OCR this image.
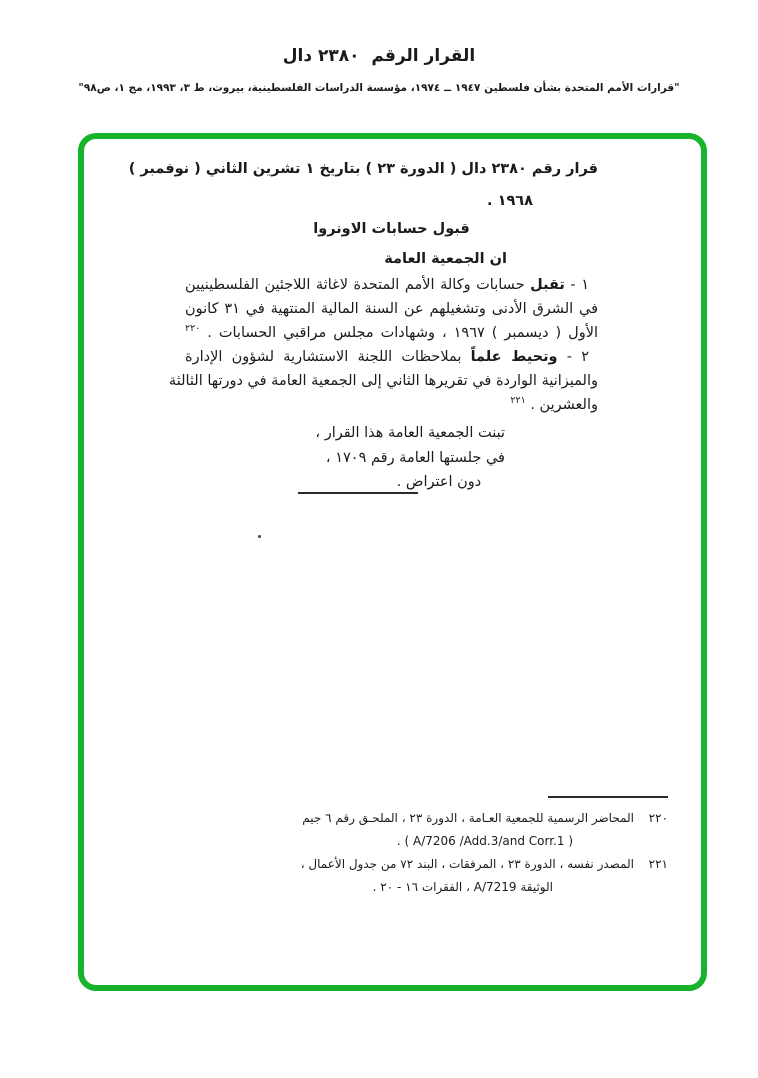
القرار الرقم  ٢٣٨٠ دال
"قرارات الأمم المتحدة بشأن فلسطين ١٩٤٧ ــ ١٩٧٤، مؤسسة الدراسات الفلسطينية، بيروت، ط ٣، ١٩٩٣، مج ١، ص٩٨"
قرار رقم ٢٣٨٠ دال ( الدورة ٢٣ ) بتاريخ ١ تشرين الثاني ( نوفمبر )
١٩٦٨ .
قبول حسابات الاونروا
ان الجمعية العامة
١ - تقبل حسابات وكالة الأمم المتحدة لاغاثة اللاجئين الفلسطينيين
في الشرق الأدنى وتشغيلهم عن السنة المالية المنتهية في ٣١ كانون
الأول ( ديسمبر ) ١٩٦٧ ، وشهادات مجلس مراقبي الحسابات . $^{٢٢٠}$
٢ - وتحيط علماً بملاحظات اللجنة الاستشارية لشؤون الإدارة
والميزانية الواردة في تقريرها الثاني إلى الجمعية العامة في دورتها الثالثة
والعشرين . $^{٢٢١}$
تبنت الجمعية العامة هذا القرار ،
في جلستها العامة رقم ١٧٠٩ ،
دون اعتراض .
٢٢٠
المحاضر الرسمية للجمعية العـامة ، الدورة ٢٣ ، الملحـق رقم ٦ جيم
( A/7206 /Add.3/and Corr.1 ) .
٢٢١
المصدر نفسه ، الدورة ٢٣ ، المرفقات ، البند ٧٢ من جدول الأعمال ،
الوثيقة A/7219 ، الفقرات ١٦ - ٢٠ .
